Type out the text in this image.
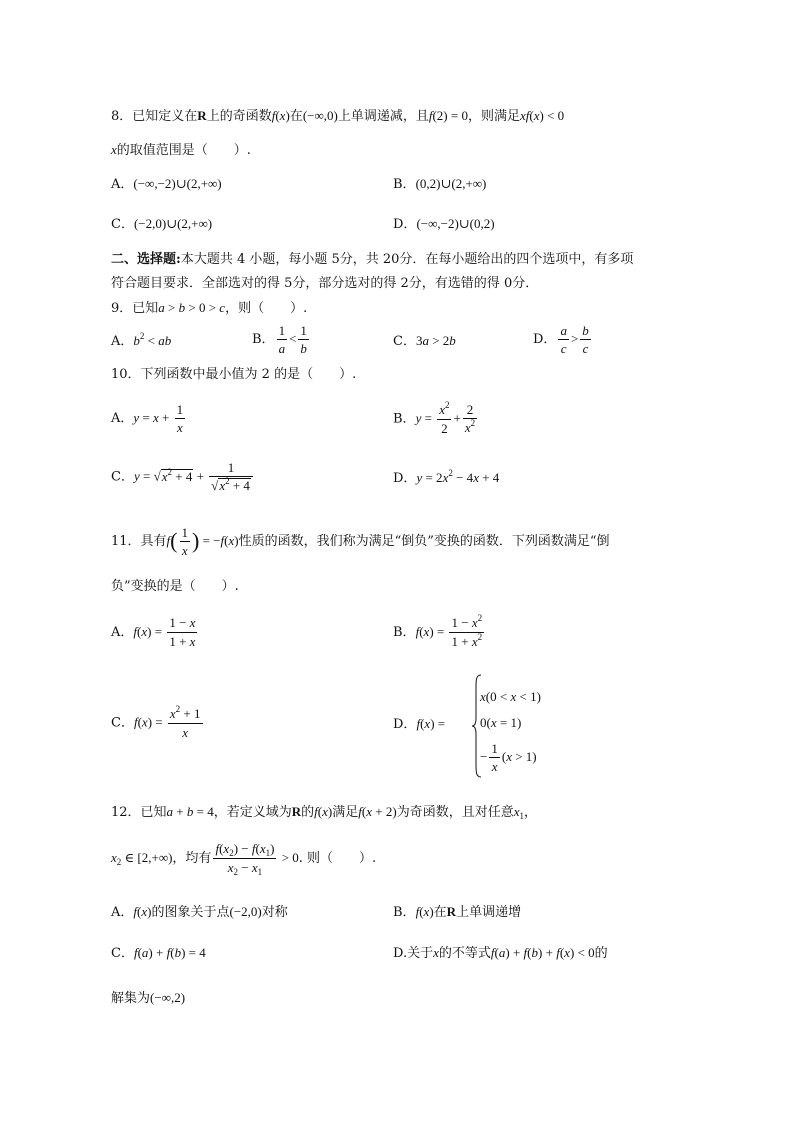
8．已知定义在R上的奇函数f(x)在(−∞,0)上单调递减，且f(2) = 0，则满足xf(x) < 0
x的取值范围是（　　）.
A．(−∞,−2)∪(2,+∞)	B．(0,2)∪(2,+∞)
C．(−2,0)∪(2,+∞)	D．(−∞,−2)∪(0,2)
二、选择题:本大题共 4 小题，每小题 5分，共 20分．在每小题给出的四个选项中，有多项
符合题目要求．全部选对的得 5分，部分选对的得 2分，有选错的得 0分．
9．已知a > b > 0 > c，则（　　）.
A．$b^2$ < ab	B． $\frac{1}{a} < \frac{1}{b}$	C．3a > 2b	D． $\frac{a}{c} > \frac{b}{c}$
10．下列函数中最小值为 2 的是（　　）.
A．$y = x + \frac{1}{x}$	B．$y = \frac{x^2}{2} + \frac{2}{x^2}$
C．$y = √x^2 + 4 + \frac{1}{√x^2 + 4}$	D．$y = 2x^2 - 4x + 4$
11．具有$f( \frac{1}{x}$ ) = −f(x)性质的函数，我们称为满足“倒负”变换的函数．下列函数满足“倒
负”变换的是（　　）.
A．$f(x) = \frac{1 - x}{1 + x}$	B．$f(x) = \frac{1 - x^2}{1 + x^2}$
C．$f(x) = \frac{x^2 + 1}{x}$	D．f(x) =
x(0 < x < 1)
0(x = 1)
− $\frac{1}{x} (x > 1)$
12．已知a + b = 4，若定义域为R的f(x)满足f(x + 2)为奇函数，且对任意$x_1$，
$x_2$ ∈ [2,+∞)，均有 $\frac{f(x_2) - f(x_1)}{x_2 - x_1} > 0$. 则（　　）.
A．f(x)的图象关于点(−2,0)对称	B．f(x)在R上单调递增
C．f(a) + f(b) = 4	D.关于x的不等式f(a) + f(b) + f(x) < 0的
解集为(−∞,2)
